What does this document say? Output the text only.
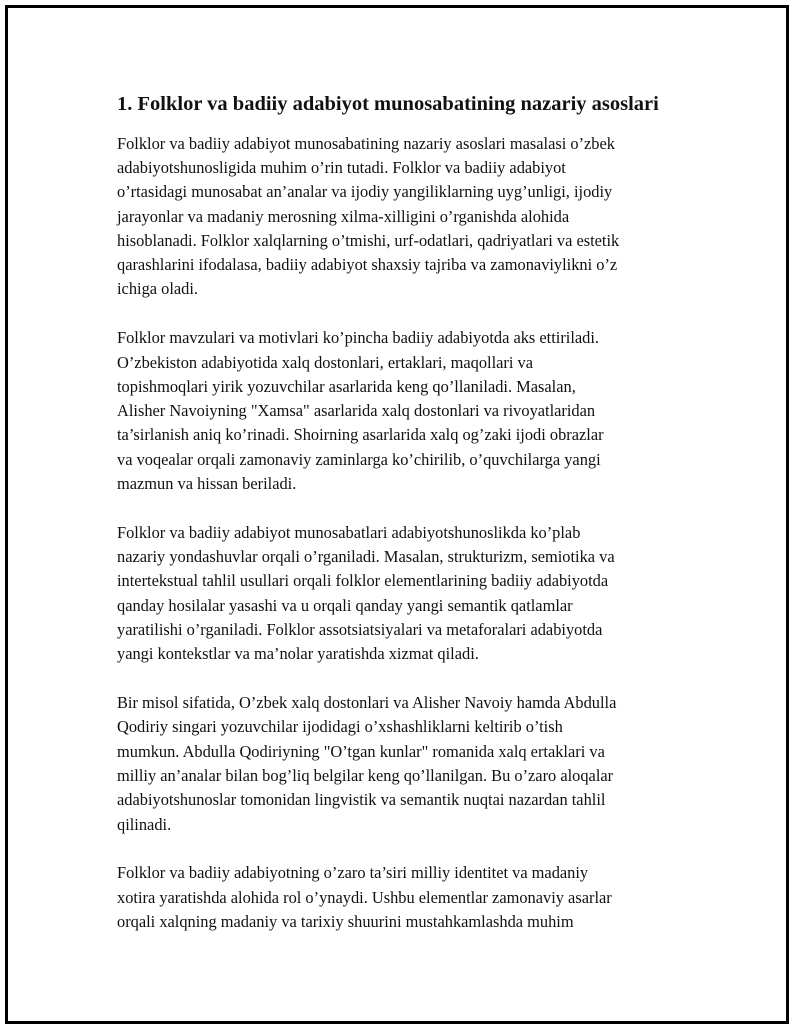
1. Folklor va badiiy adabiyot munosabatining nazariy asoslari
Folklor va badiiy adabiyot munosabatining nazariy asoslari masalasi o’zbek
adabiyotshunosligida muhim o’rin tutadi. Folklor va badiiy adabiyot
o’rtasidagi munosabat an’analar va ijodiy yangiliklarning uyg’unligi, ijodiy
jarayonlar va madaniy merosning xilma-xilligini o’rganishda alohida
hisoblanadi. Folklor xalqlarning o’tmishi, urf-odatlari, qadriyatlari va estetik
qarashlarini ifodalasa, badiiy adabiyot shaxsiy tajriba va zamonaviylikni o’z
ichiga oladi.
Folklor mavzulari va motivlari ko’pincha badiiy adabiyotda aks ettiriladi.
O’zbekiston adabiyotida xalq dostonlari, ertaklari, maqollari va
topishmoqlari yirik yozuvchilar asarlarida keng qo’llaniladi. Masalan,
Alisher Navoiyning "Xamsa" asarlarida xalq dostonlari va rivoyatlaridan
ta’sirlanish aniq ko’rinadi. Shoirning asarlarida xalq og’zaki ijodi obrazlar
va voqealar orqali zamonaviy zaminlarga ko’chirilib, o’quvchilarga yangi
mazmun va hissan beriladi.
Folklor va badiiy adabiyot munosabatlari adabiyotshunoslikda ko’plab
nazariy yondashuvlar orqali o’rganiladi. Masalan, strukturizm, semiotika va
intertekstual tahlil usullari orqali folklor elementlarining badiiy adabiyotda
qanday hosilalar yasashi va u orqali qanday yangi semantik qatlamlar
yaratilishi o’rganiladi. Folklor assotsiatsiyalari va metaforalari adabiyotda
yangi kontekstlar va ma’nolar yaratishda xizmat qiladi.
Bir misol sifatida, O’zbek xalq dostonlari va Alisher Navoiy hamda Abdulla
Qodiriy singari yozuvchilar ijodidagi o’xshashliklarni keltirib o’tish
mumkun. Abdulla Qodiriyning "O’tgan kunlar" romanida xalq ertaklari va
milliy an’analar bilan bog’liq belgilar keng qo’llanilgan. Bu o’zaro aloqalar
adabiyotshunoslar tomonidan lingvistik va semantik nuqtai nazardan tahlil
qilinadi.
Folklor va badiiy adabiyotning o’zaro ta’siri milliy identitet va madaniy
xotira yaratishda alohida rol o’ynaydi. Ushbu elementlar zamonaviy asarlar
orqali xalqning madaniy va tarixiy shuurini mustahkamlashda muhim
